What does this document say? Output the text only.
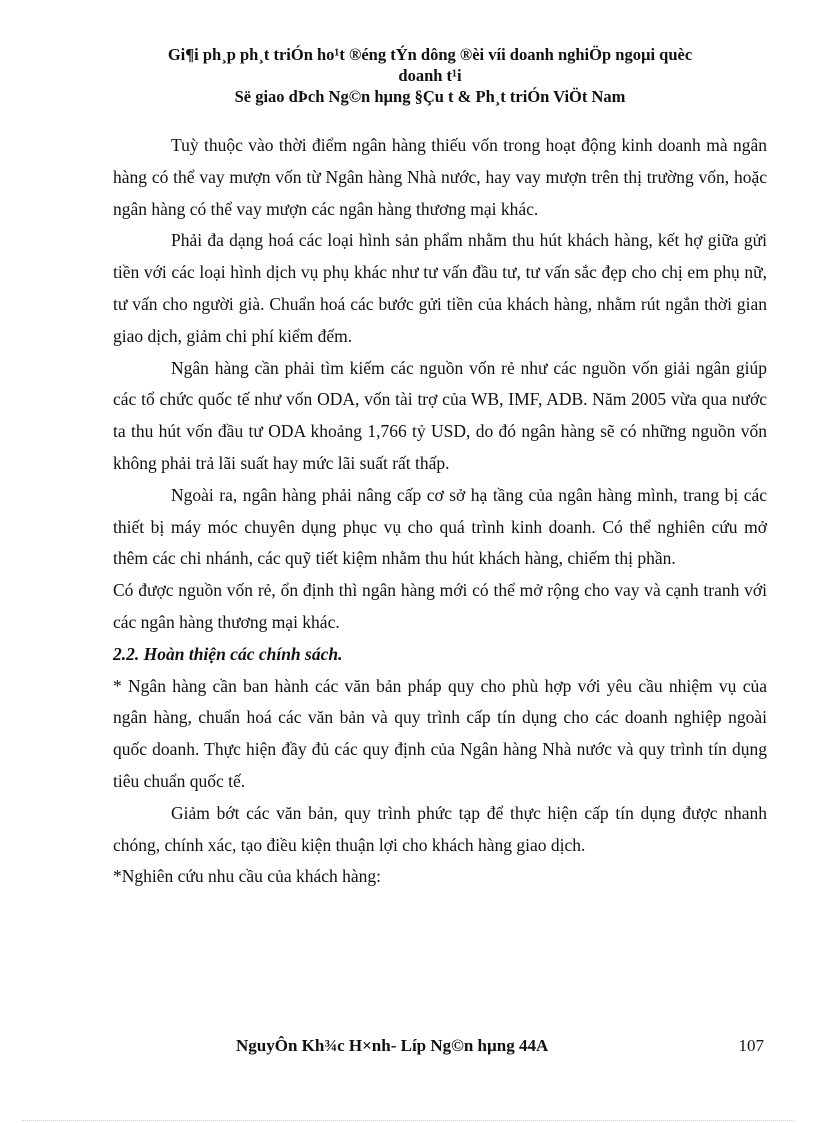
Gi¶i ph¸p ph¸t triÓn ho¹t ®éng tÝn dông ®èi víi doanh nghiÖp ngoµi quèc
doanh t¹i
Së giao dÞch Ng©n hµng §Çu t & Ph¸t triÓn ViÖt Nam

Tuỳ thuộc vào thời điểm ngân hàng thiếu vốn trong hoạt động kinh doanh mà ngân hàng có thể vay mượn vốn từ Ngân hàng Nhà nước, hay vay mượn trên thị trường vốn, hoặc ngân hàng có thể vay mượn các ngân hàng thương mại khác.

Phải đa dạng hoá các loại hình sản phẩm nhằm thu hút khách hàng, kết hợ giữa gửi tiền với các loại hình dịch vụ phụ khác như tư vấn đầu tư, tư vấn sắc đẹp cho chị em phụ nữ, tư vấn cho người già. Chuẩn hoá các bước gửi tiền của khách hàng, nhằm rút ngắn thời gian giao dịch, giảm chi phí kiểm đếm.

Ngân hàng cần phải tìm kiếm các nguồn vốn rẻ như các nguồn vốn giải ngân giúp các tổ chức quốc tế như vốn ODA, vốn tài trợ của WB, IMF, ADB. Năm 2005 vừa qua nước ta thu hút vốn đầu tư ODA khoảng 1,766 tỷ USD, do đó ngân hàng sẽ có những nguồn vốn không phải trả lãi suất hay mức lãi suất rất thấp.

Ngoài ra, ngân hàng phải nâng cấp cơ sở hạ tầng của ngân hàng mình, trang bị các thiết bị máy móc chuyên dụng phục vụ cho quá trình kinh doanh. Có thể nghiên cứu mở thêm các chi nhánh, các quỹ tiết kiệm nhằm thu hút khách hàng, chiếm thị phần.

Có được nguồn vốn rẻ, ổn định thì ngân hàng mới có thể mở rộng cho vay và cạnh tranh với các ngân hàng thương mại khác.

2.2. Hoàn thiện các chính sách.

* Ngân hàng cần ban hành các văn bản pháp quy cho phù hợp với yêu cầu nhiệm vụ của ngân hàng, chuẩn hoá các văn bản và quy trình cấp tín dụng cho các doanh nghiệp ngoài quốc doanh. Thực hiện đầy đủ các quy định của Ngân hàng Nhà nước và quy trình tín dụng tiêu chuẩn quốc tế.

Giảm bớt các văn bản, quy trình phức tạp để thực hiện cấp tín dụng được nhanh chóng, chính xác, tạo điều kiện thuận lợi cho khách hàng giao dịch.

*Nghiên cứu nhu cầu của khách hàng:

NguyÔn Kh¾c H×nh- Líp Ng©n hµng 44A	107
